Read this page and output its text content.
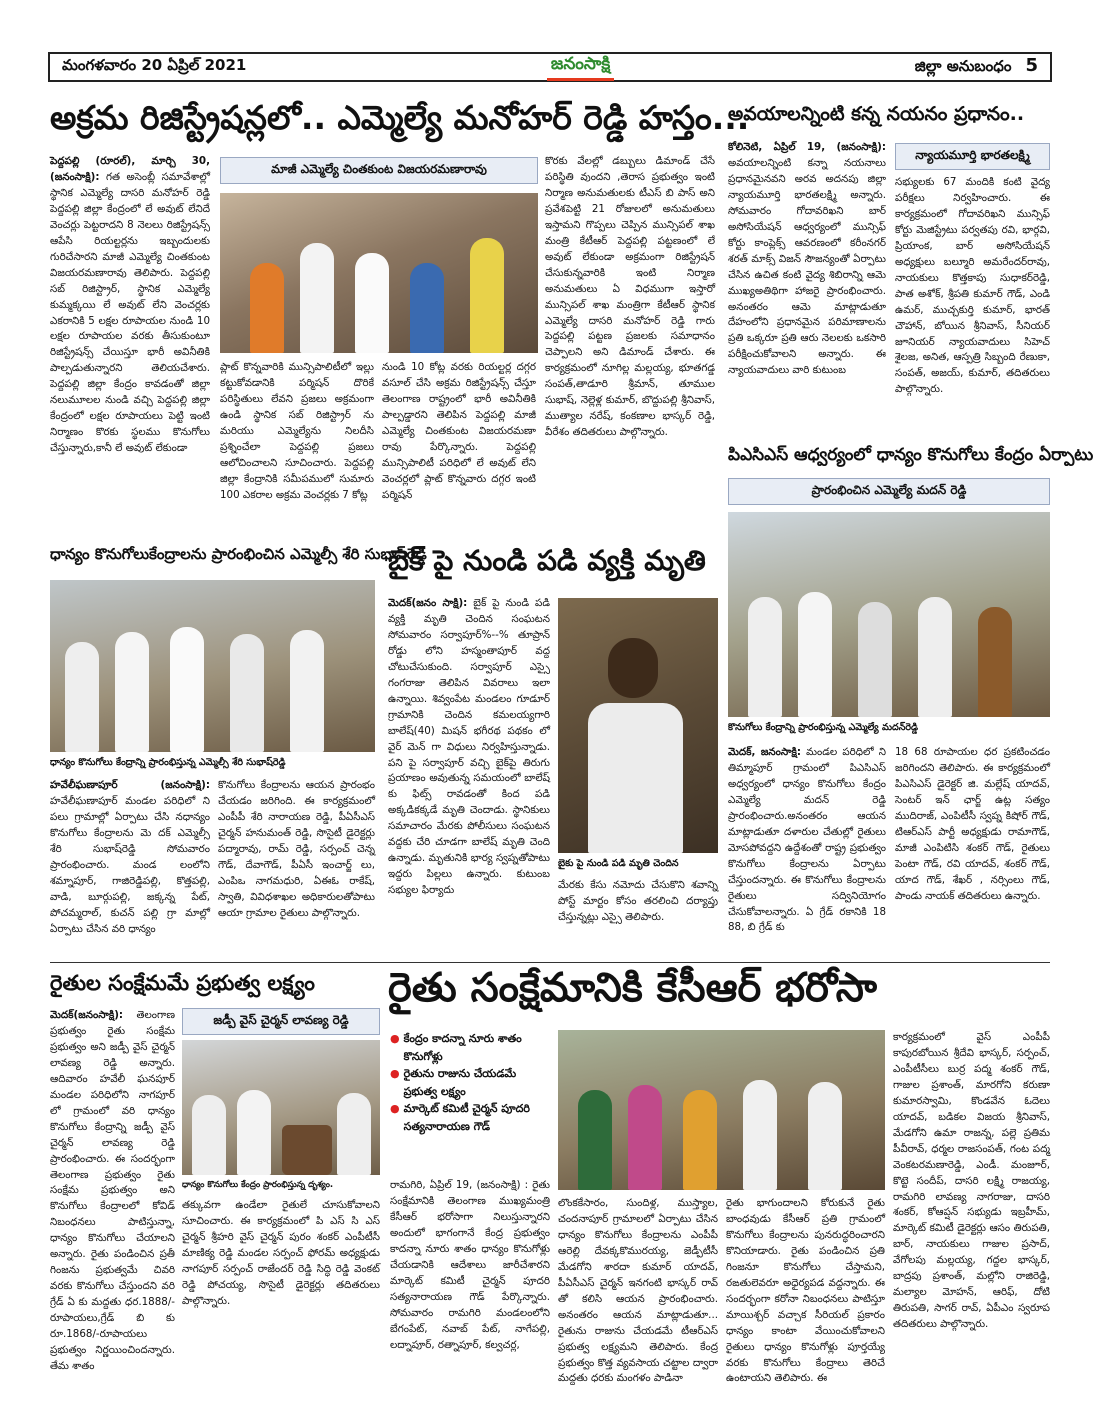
మంగళవారం 20 ఏప్రిల్ 2021	జనంసాక్షి	జిల్లా అనుబంధం 5
అక్రమ రిజిస్ట్రేషన్లలో.. ఎమ్మెల్యే మనోహర్ రెడ్డి హస్తం...
పెద్దపల్లి (రూరల్), మార్చి 30, (జనంసాక్షి): గత అసెంబ్లీ సమావేశాల్లో స్థానిక ఎమ్మెల్యే దాసరి మనోహర్ రెడ్డి పెద్దపల్లి జిల్లా కేంద్రంలో లే అవుట్ లేనిదే వెంచర్లు పెట్టరాదని 8 నెలలు రిజిస్ట్రేషన్స్ ఆపేసి రియల్టర్లను ఇబ్బందులకు గురిచేసారని మాజీ ఎమ్మెల్యే చింతకుంట విజయరమణారావు తెలిపారు. పెద్దపల్లి సబ్ రిజిస్ట్రార్, స్థానిక ఎమ్మెల్యే కుమ్మక్కయి లే అవుట్ లేని వెంచర్లకు ఎకరానికి 5 లక్షల రూపాయల నుండి 10 లక్షల రూపాయల వరకు తీసుకుంటూ రిజిస్ట్రేషన్స్ చేయిస్తూ భారీ అవినీతికి పాల్పడుతున్నారని తెలియచేశారు. పెద్దపల్లి జిల్లా కేంద్రం కావడంతో జిల్లా నలుమూలల నుండి వచ్చి పెద్దపల్లి జిల్లా కేంద్రంలో లక్షల రూపాయలు పెట్టి ఇంటి నిర్మాణం కొరకు స్థలము కొనుగోలు చేస్తున్నారు,కానీ లే అవుట్ లేకుండా
మాజీ ఎమ్మెల్యే చింతకుంట విజయరమణారావు
ప్లాట్ కొన్నవారికి మున్సిపాలిటీలో ఇల్లు కట్టుకోవడానికి పర్మిషన్ దొరికే పరిస్థితులు లేవని ప్రజలు అక్రమంగా ఉండి స్థానిక సబ్ రిజిస్ట్రార్ ను మరియు ఎమ్మెల్యేను నిలదీసి ప్రశ్నించేలా పెద్దపల్లి ప్రజలు ఆలోచించాలని సూచించారు. పెద్దపల్లి జిల్లా కేంద్రానికి సమీపములో సుమారు 100 ఎకరాల అక్రమ వెంచర్లకు 7 కోట్ల
నుండి 10 కోట్ల వరకు రియల్టర్ల దగ్గర వసూల్ చేసి అక్రమ రిజిస్ట్రేషన్స్ చేస్తూ తెలంగాణ రాష్ట్రంలో భారీ అవినీతికి పాల్పడ్డారని తెలిపిన పెద్దపల్లి మాజీ ఎమ్మెల్యే చింతకుంట విజయరమణా రావు పేర్కొన్నారు. పెద్దపల్లి మున్సిపాలిటీ పరిధిలో లే అవుట్ లేని వెంచర్లలో ప్లాట్ కొన్నవారు దగ్గర ఇంటి పర్మిషన్
కొరకు వేలల్లో డబ్బులు డిమాండ్ చేసే పరిస్థితి వుందని ,తెరాస ప్రభుత్వం ఇంటి నిర్మాణ అనుమతులకు టీఎస్ బి పాస్ అని ప్రవేశపెట్టి 21 రోజులలో అనుమతులు ఇస్తామని గొప్పలు చెప్పిన మున్సిపల్ శాఖ మంత్రి కేటీఆర్ పెద్దపల్లి పట్టణంలో లే అవుట్ లేకుండా అక్రమంగా రిజిస్ట్రేషన్ చేసుకున్నవారికి ఇంటి నిర్మాణ అనుమతులు ఏ విధముగా ఇస్తారో మున్సిపల్ శాఖ మంత్రిగా కేటీఆర్ స్థానిక ఎమ్మెల్యే దాసరి మనోహర్ రెడ్డి గారు పెద్దపల్లి పట్టణ ప్రజలకు సమాధానం చెప్పాలని అని డిమాండ్ చేశారు. ఈ కార్యక్రమంలో నూగిల్ల మల్లయ్య, భూతగడ్డ సంపత్,తాడూరి శ్రీమాన్, తూముల సుభాష్, నెల్లెళ్ల కుమార్, బొద్దుపల్లి శ్రీనివాస్, ముత్యాల నరేష్, కంకణాల భాస్కర్ రెడ్డి, వీరేశం తదితరులు పాల్గొన్నారు.
అవయాలన్నింటి కన్న నయనం ప్రధానం..
కోలినెటి, ఏప్రిల్ 19, (జనంసాక్షి): అవయాలన్నింటి కన్నా నయనాలు ప్రధానమైనవని అరవ అదనపు జిల్లా న్యాయమూర్తి భారతలక్ష్మి అన్నారు. సోమవారం గోదావరిఖని బార్ అసోసియేషన్ ఆధ్వర్యంలో మున్సిఫ్ కోర్టు కాంప్లెక్స్ ఆవరణంలో కరీంనగర్ శరత్ మాక్స్ విజన్ సౌజన్యంతో ఏర్పాటు చేసిన ఉచిత కంటి వైద్య శిబిరాన్ని ఆమె ముఖ్యఅతిథిగా హాజరై ప్రారంభించారు. అనంతరం ఆమె మాట్లాడుతూ దేహంలోని ప్రధానమైన పరిమాణాలను ప్రతి ఒక్కరూ ప్రతి ఆరు నెలలకు ఒకసారి పరీక్షించుకోవాలని అన్నారు. ఈ న్యాయవాదులు వారి కుటుంబ
న్యాయమూర్తి భారతలక్ష్మి
సభ్యులకు 67 మందికి కంటి వైద్య పరీక్షలు నిర్వహించారు. ఈ కార్యక్రమంలో గోదావరిఖని మున్సిఫ్ కోర్టు మెజిస్ట్రేటు పర్వతపు రవి, భార్గవి, ప్రియాంక, బార్ అసోసియేషన్ అధ్యక్షులు బల్మూరి అమరేందర్‌రావు, నాయకులు కొత్తకాపు సుధాకర్‌రెడ్డి, పాత అశోక్, శ్రీపతి కుమార్ గౌడ్, ఎండి ఉమర్, ముచ్చకుర్తి కుమార్, భారత్ చౌహాన్, బోయిన శ్రీనివాస్, సీనియర్ జూనియర్ న్యాయవాదులు సిహెచ్ శైలజ, అనిత, ఆస్పత్రి సిబ్బంది రేణుకా, సంపత్, అజయ్, కుమార్, తదితరులు పాల్గొన్నారు.
పిఎసిఎస్ ఆధ్వర్యంలో ధాన్యం కొనుగోలు కేంద్రం ఏర్పాటు
ప్రారంభించిన ఎమ్మెల్యే మదన్ రెడ్డి
కొనుగోలు కేంద్రాన్ని ప్రారంభిస్తున్న ఎమ్మెల్యే మదన్‌రెడ్డి
మెదక్, జనంసాక్షి: మండల పరిధిలో ని తిమ్మాపూర్ గ్రామంలో పిఎసిఎస్ అధ్వర్యంలో ధాన్యం కొనుగోలు కేంద్రం ఎమ్మెల్యే మదన్ రెడ్డి ప్రారంభించారు.అనంతరం ఆయన మాట్లాడుతూ దళారుల చేతుల్లో రైతులు మోసపోవద్దని ఉద్దేశంతో రాష్ట్ర ప్రభుత్వం కొనుగోలు కేంద్రాలను ఏర్పాటు చేస్తుందన్నారు. ఈ కొనుగోలు కేంద్రాలను రైతులు సద్వినియోగం చేసుకోవాలన్నారు. ఏ గ్రేడ్ రకానికి 18 88, బి గ్రేడ్ కు
18 68 రూపాయల ధర ప్రకటించడం జరిగిందని తెలిపారు. ఈ కార్యక్రమంలో పిఎసిఎస్ డైరెక్టర్ జి. మల్లేష్ యాదవ్, సెంటర్ ఇన్ ఛార్జ్ ఉట్ల సత్యం ముదిరాజ్, ఎంపిటీసీ స్వప్న కిషోర్ గౌడ్, టిఆర్ఎస్ పార్టీ అధ్యక్షుడు రామాగౌడ్, మాజీ ఎంపిటిసి శంకర్ గౌడ్, రైతులు పెంటా గౌడ్, రవి యాదవ్, శంకర్ గౌడ్, యాద గౌడ్, శేఖర్ , నర్సింలు గౌడ్, పాండు నాయక్ తదితరులు ఉన్నారు.
ధాన్యం కొనుగోలుకేంద్రాలను ప్రారంభించిన ఎమ్మెల్సీ శేరి సుభాష్‌రెడ్డి
ధాన్యం కొనుగోలు కేంద్రాన్ని ప్రారంభిస్తున్న ఎమ్మెల్సీ శేరి సుభాష్‌రెడ్డి
హవేలీఘణాపూర్ (జనంసాక్షి): హవేలీఘణాపూర్ మండల పరిధిలో ని పలు గ్రామాల్లో ఏర్పాటు చేసి నధాన్యం కొనుగోలు కేంద్రాలను మె దక్ ఎమ్మెల్సీ శేరి సుభాష్‌రెడ్డి సోమవారం ప్రారంభించారు. మండ లంలోని శమ్నాపూర్, గాజిరెడ్డిపల్లి, కొత్తపల్లి, వాడి, బూర్గుపల్లి, జక్కన్న పేట్, పోచమ్మరాల్, కుచన్ పల్లి గ్రా మాల్లో ఏర్పాటు చేసిన వరి ధాన్యం
కొనుగోలు కేంద్రాలను ఆయన ప్రారంభం చేయడం జరిగింది. ఈ కార్యక్రమంలో ఎంపీపీ శేరి నారాయణ రెడ్డి, పీఏసీఎస్ చైర్మన్ హనుమంత్ రెడ్డి, సొసైటీ డైరెక్టర్లు పద్మారావు, రామ్ రెడ్డి, సర్పంచ్ చెన్న గౌడ్, దేవాగౌడ్, పీఏసీ ఇంచార్జ్ లు, ఎంపిఒ నాగమధురి, ఏఈఓ రాకేష్, స్వాతి, వివిధశాఖల అధికారులతోపాటు ఆయా గ్రామాల రైతులు పాల్గొన్నారు.
బైక్ పై నుండి పడి వ్యక్తి మృతి
మెదక్(జనం సాక్షి): బైక్ పై నుండి పడి వ్యక్తి మృతి చెందిన సంఘటన సోమవారం సర్వాపూర్%--% తూప్రాన్ రోడ్డు లోని హస్మంతాపూర్ వద్ద చోటుచేసుకుంది. సర్వాపూర్ ఎస్సై గంగరాజు తెలిపిన వివరాలు ఇలా ఉన్నాయి. శివ్వంపేట మండలం గూడూర్ గ్రామానికి చెందిన కమలయ్యగారి బాలేష్(40) మిషన్ భగీరథ పథకం లో వైర్ మెన్ గా విధులు నిర్వహిస్తున్నాడు. పని పై సర్వాపూర్ వచ్చి బైక్‌పై తిరుగు ప్రయాణం అవుతున్న సమయంలో బాలేష్ కు ఫిట్స్ రావడంతో కింద పడి అక్కడికక్కడే మృతి చెందాడు. స్థానికులు సమాచారం మేరకు పోలీసులు సంఘటన వద్దకు చేరి చూడగా బాలేష్ మృతి చెంది ఉన్నాడు. మృతునికి భార్య స్వప్నతోపాటు ఇద్దరు పిల్లలు ఉన్నారు. కుటుంబ సభ్యుల ఫిర్యాదు
బైకు పై నుండి పడి మృతి చెందిన
మేరకు కేసు నమోదు చేసుకొని శవాన్ని పోస్ట్ మార్టం కోసం తరలించి దర్యాప్తు చేస్తున్నట్లు ఎస్సై తెలిపారు.
రైతుల సంక్షేమమే ప్రభుత్వ లక్ష్యం
మెదక్(జనంసాక్షి): తెలంగాణ ప్రభుత్వం రైతు సంక్షేమ ప్రభుత్వం అని జడ్పీ వైస్ చైర్మన్ లావణ్య రెడ్డి అన్నారు. ఆదివారం హవేలీ ఘనపూర్ మండల పరిధిలోని నాగపూర్ లో గ్రామంలో వరి ధాన్యం కొనుగోలు కేంద్రాన్ని జడ్పీ వైస్ చైర్మన్ లావణ్య రెడ్డి ప్రారంభించారు. ఈ సందర్భంగా తెలంగాణ ప్రభుత్వం రైతు సంక్షేమ ప్రభుత్వం అని కొనుగోలు కేంద్రాలలో కోవిడ్ నిబంధనలు పాటిస్తున్నా, ధాన్యం కొనుగోలు చేయాలని అన్నారు. రైతు పండించిన ప్రతీ గింజను ప్రభుత్వమే చివరి వరకు కొనుగోలు చేస్తుందని వరి గ్రేడ్ ఏ కు మద్దతు ధర.1888/-రూపాయలు,గ్రేడ్ బి కు రూ.1868/-రూపాయలు ప్రభుత్వం నిర్ణయించిందన్నారు. తేమ శాతం
జడ్పీ వైస్ చైర్మన్ లావణ్య రెడ్డి
ధాన్యం కొనుగోలు కేంద్రం ప్రారంభిస్తున్న దృశ్యం.
తక్కువగా ఉండేలా రైతులే చూసుకోవాలని సూచించారు. ఈ కార్యక్రమంలో పి ఎస్ సి ఎస్ చైర్మన్ శ్రీహరి వైస్ చైర్మన్ పురం శంకర్ ఎంపీటీసీ మాణిక్య రెడ్డి మండల సర్పంచ్ ఫోరమ్ అధ్యక్షుడు నాగపూర్ సర్పంచ్ రాజేందర్ రెడ్డి సిద్ధి రెడ్డి వెంకట్ రెడ్డి పోచయ్య, సొసైటీ డైరెక్టర్లు తదితరులు పాల్గొన్నారు.
రైతు సంక్షేమానికి కేసీఆర్ భరోసా
● కేంద్రం కాదన్నా నూరు శాతం కొనుగోళ్లు
● రైతును రాజును చేయడమే ప్రభుత్వ లక్ష్యం
● మార్కెట్ కమిటీ చైర్మన్ పూదరి సత్యనారాయణ గౌడ్
రామగిరి, ఏప్రిల్ 19, (జనంసాక్షి) : రైతు సంక్షేమానికి తెలంగాణ ముఖ్యమంత్రి కేసీఆర్ భరోసాగా నిలుస్తున్నారని అందులో భాగంగానే కేంద్ర ప్రభుత్వం కాదన్నా నూరు శాతం ధాన్యం కొనుగోళ్లు చేయడానికి ఆదేశాలు జారీచేశారని మార్కెట్ కమిటీ చైర్మన్ పూదరి సత్యనారాయణ గౌడ్ పేర్కొన్నారు. సోమవారం రామగిరి మండలంలోని బేగంపేట్, నవాబ్ పేట్, నాగేపల్లి, లద్నాపూర్, రత్నాపూర్, కల్వచర్ల,
లొంకకేసారం, సుందిళ్ల, ముస్త్యాల, చందనాపూర్ గ్రామాలలో ఏర్పాటు చేసిన ధాన్యం కొనుగోలు కేంద్రాలను ఎంపీపీ ఆరెల్లి దేవక్కకొమురయ్య, జెడ్పీటీసీ మేడగోని శారదా కుమార్ యాదవ్, పీఏసీఎస్ చైర్మన్ ఇనగంటి భాస్కర్ రావ్ తో కలిసి ఆయన ప్రారంభించారు. అనంతరం ఆయన మాట్లాడుతూ... రైతును రాజును చేయడమే టీఆర్ఎస్ ప్రభుత్వ లక్ష్యమని తెలిపారు. కేంద్ర ప్రభుత్వం కొత్త వ్యవసాయ చట్టాల ద్వారా మద్దతు ధరకు మంగళం పాడినా
రైతు భాగుందాలని కోరుకునే రైతు బాంధవుడు కేసీఆర్ ప్రతి గ్రామంలో కొనుగోలు కేంద్రాలను పునరుద్ధరించారని కొనియాడారు. రైతు పండించిన ప్రతి గింజనూ కొనుగోలు చేస్తామని, రఙతులెవరూ అధైర్యపడ వద్దన్నారు. ఈ సందర్భంగా కరోనా నిబంధనలు పాటిస్తూ మాయిశ్చర్ వచ్చాక సీరియల్ ప్రకారం ధాన్యం కాంటా వేయించుకోవాలని రైతులు ధాన్యం కొనుగోళ్లు పూర్తయ్యే వరకు కొనుగోలు కేంద్రాలు తెరిచే ఉంటాయని తెలిపారు. ఈ
కార్యక్రమంలో వైస్ ఎంపీపీ కాపురబోయిన శ్రీదేవి భాస్కర్, సర్పంచ్, ఎంపీటీసీలు బుర్ర పద్మ శంకర్ గౌడ్, గాజుల ప్రశాంత్, మారగోని కరుణా కుమారస్వామి, కొండవేన ఓదెలు యాదవ్, బడికల విజయ శ్రీనివాస్, మేడగోని ఉమా రాజన్న, పల్లె ప్రతిమ పీవీరావ్, ధర్మల రాజసంపత్, గంట పద్మ వెంకటరమణారెడ్డి, ఎండీ. మంజూర్, కొట్టె సందీప్, దాసరి లక్ష్మి రాజయ్య, రామగిరి లావణ్య నాగరాజు, దాసరి శంకర్, కోఆప్షన్ సభ్యుడు ఇబ్రహీమ్, మార్కెట్ కమిటీ డైరెక్టర్లు ఆసం తిరుపతి, బార్, నాయకులు గాజుల ప్రసాద్, వేగోలపు మల్లయ్య, గద్దల భాస్కర్, బాద్రపు ప్రశాంత్, మల్లోని రాజిరెడ్డి, మల్యాల మోహన్, ఆరిఫ్, దోటి తిరుపతి, సాగర్ రావ్, ఏపీఎం స్వరూప తదితరులు పాల్గొన్నారు.
